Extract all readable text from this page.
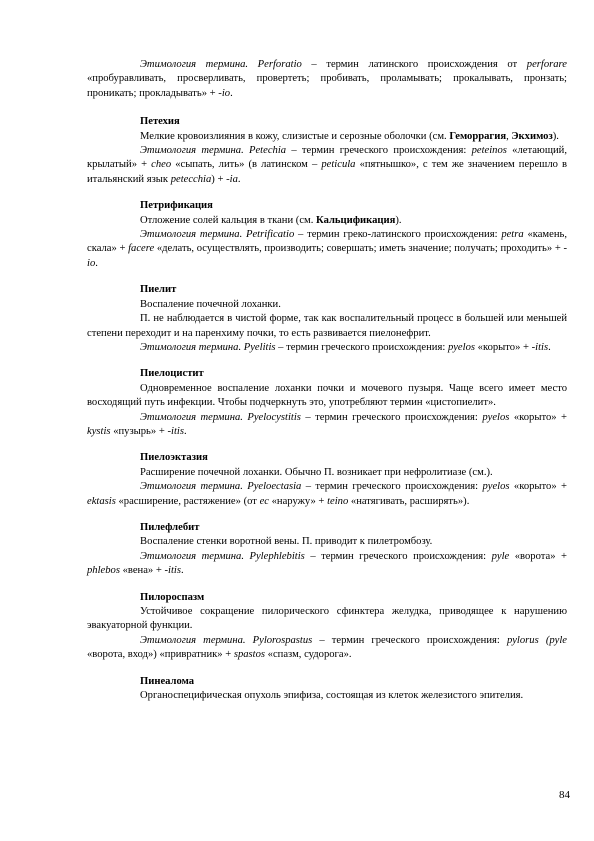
Этимология термина. Perforatio – термин латинского происхождения от perforare «пробуравливать, просверливать, провертеть; пробивать, проламывать; прокалывать, пронзать; проникать; прокладывать» + -io.

Петехия

Мелкие кровоизлияния в кожу, слизистые и серозные оболочки (см. Геморрагия, Экхимоз).

Этимология термина. Petechia – термин греческого происхождения: peteinos «летающий, крылатый» + cheo «сыпать, лить» (в латинском – peticula «пятнышко», с тем же значением перешло в итальянский язык petecchia) + -ia.

Петрификация

Отложение солей кальция в ткани (см. Кальцификация).

Этимология термина. Petrificatio – термин греко-латинского происхождения: petra «камень, скала» + facere «делать, осуществлять, производить; совершать; иметь значение; получать; проходить» + -io.

Пиелит

Воспаление почечной лоханки.

П. не наблюдается в чистой форме, так как воспалительный процесс в большей или меньшей степени переходит и на паренхиму почки, то есть развивается пиелонефрит.

Этимология термина. Pyelitis – термин греческого происхождения: pyelos «корыто» + -itis.

Пиелоцистит

Одновременное воспаление лоханки почки и мочевого пузыря. Чаще всего имеет место восходящий путь инфекции. Чтобы подчеркнуть это, употребляют термин «цистопиелит».

Этимология термина. Pyelocystitis – термин греческого происхождения: pyelos «корыто» + kystis «пузырь» + -itis.

Пиелоэктазия

Расширение почечной лоханки. Обычно П. возникает при нефролитиазе (см.).

Этимология термина. Pyeloectasia – термин греческого происхождения: pyelos «корыто» + ektasis «расширение, растяжение» (от ec «наружу» + teino «натягивать, расширять»).

Пилефлебит

Воспаление стенки воротной вены. П. приводит к пилетромбозу.

Этимология термина. Pylephlebitis – термин греческого происхождения: pyle «ворота» + phlebos «вена» + -itis.

Пилороспазм

Устойчивое сокращение пилорического сфинктера желудка, приводящее к нарушению эвакуаторной функции.

Этимология термина. Pylorospastus – термин греческого происхождения: pylorus (pyle «ворота, вход») «привратник» + spastos «спазм, судорога».

Пинеалома

Органоспецифическая опухоль эпифиза, состоящая из клеток железистого эпителия.

84
